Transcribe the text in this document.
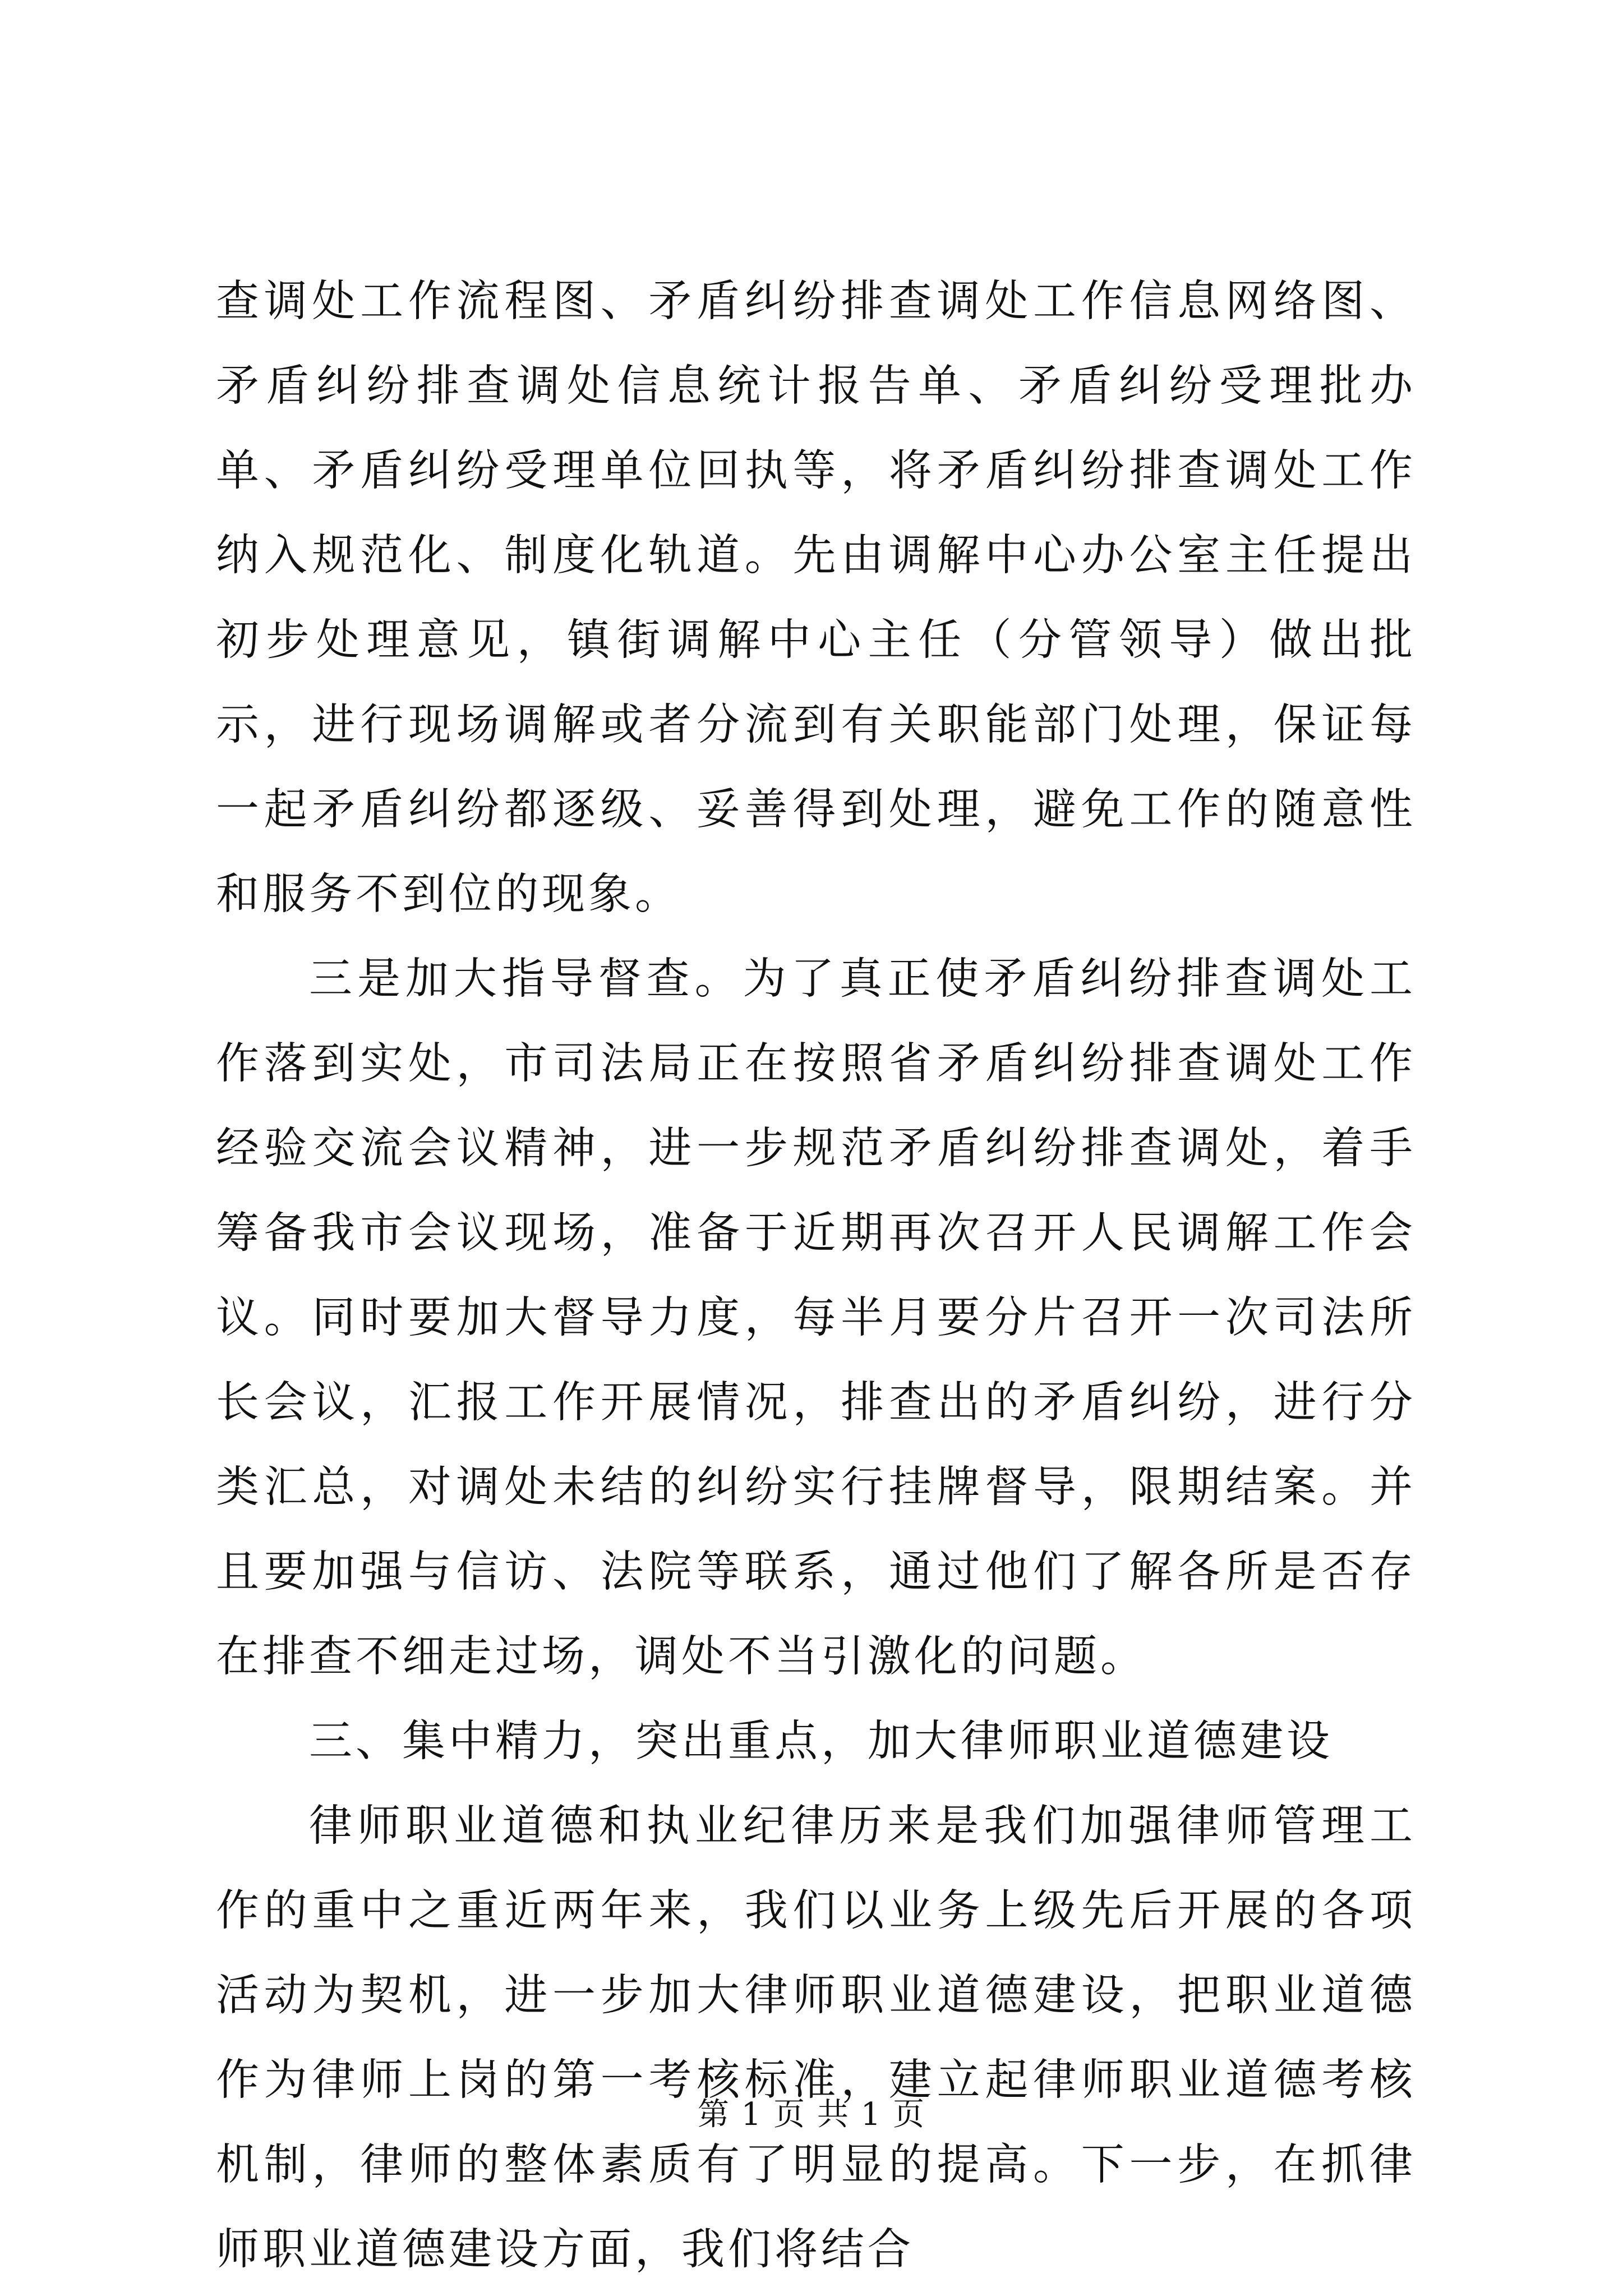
查调处工作流程图、矛盾纠纷排查调处工作信息网络图、矛盾纠纷排查调处信息统计报告单、矛盾纠纷受理批办单、矛盾纠纷受理单位回执等，将矛盾纠纷排查调处工作纳入规范化、制度化轨道。先由调解中心办公室主任提出初步处理意见，镇街调解中心主任（分管领导）做出批示，进行现场调解或者分流到有关职能部门处理，保证每一起矛盾纠纷都逐级、妥善得到处理，避免工作的随意性和服务不到位的现象。

三是加大指导督查。为了真正使矛盾纠纷排查调处工作落到实处，市司法局正在按照省矛盾纠纷排查调处工作经验交流会议精神，进一步规范矛盾纠纷排查调处，着手筹备我市会议现场，准备于近期再次召开人民调解工作会议。同时要加大督导力度，每半月要分片召开一次司法所长会议，汇报工作开展情况，排查出的矛盾纠纷，进行分类汇总，对调处未结的纠纷实行挂牌督导，限期结案。并且要加强与信访、法院等联系，通过他们了解各所是否存在排查不细走过场，调处不当引激化的问题。

三、集中精力，突出重点，加大律师职业道德建设

律师职业道德和执业纪律历来是我们加强律师管理工作的重中之重近两年来，我们以业务上级先后开展的各项活动为契机，进一步加大律师职业道德建设，把职业道德作为律师上岗的第一考核标准，建立起律师职业道德考核机制，律师的整体素质有了明显的提高。下一步，在抓律师职业道德建设方面，我们将结合

第 1 页 共 1 页
